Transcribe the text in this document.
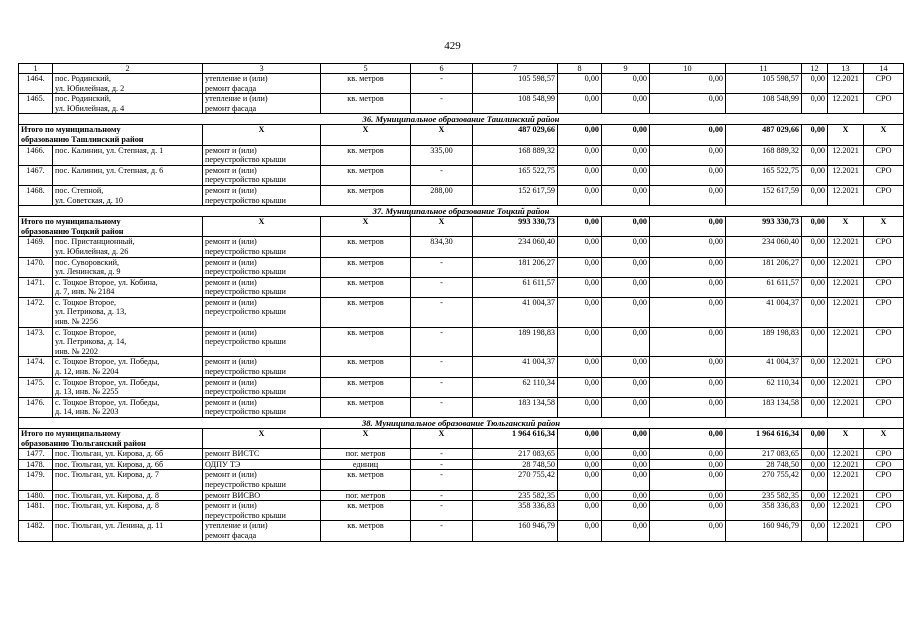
429
1	2	3	5	6	7	8	9	10	11	12	13	14
1464.	пос. Родинский,
ул. Юбилейная, д. 2	утепление и (или)
ремонт фасада	кв. метров	-	105 598,57	0,00	0,00	0,00	105 598,57	0,00	12.2021	СРО
1465.	пос. Родинский,
ул. Юбилейная, д. 4	утепление и (или)
ремонт фасада	кв. метров	-	108 548,99	0,00	0,00	0,00	108 548,99	0,00	12.2021	СРО
36. Муниципальное образование Ташлинский район												
Итого по муниципальному
образованию Ташлинский район		X	X	X	487 029,66	0,00	0,00	0,00	487 029,66	0,00	X	X
1466.	пос. Калинин, ул. Степная, д. 1	ремонт и (или)
переустройство крыши	кв. метров	335,00	168 889,32	0,00	0,00	0,00	168 889,32	0,00	12.2021	СРО
1467.	пос. Калинин, ул. Степная, д. 6	ремонт и (или)
переустройство крыши	кв. метров	-	165 522,75	0,00	0,00	0,00	165 522,75	0,00	12.2021	СРО
1468.	пос. Степной,
ул. Советская, д. 10	ремонт и (или)
переустройство крыши	кв. метров	288,00	152 617,59	0,00	0,00	0,00	152 617,59	0,00	12.2021	СРО
37. Муниципальное образование Тоцкий район												
Итого по муниципальному
образованию Тоцкий район		X	X	X	993 330,73	0,00	0,00	0,00	993 330,73	0,00	X	X
1469.	пос. Пристанционный,
ул. Юбилейная, д. 26	ремонт и (или)
переустройство крыши	кв. метров	834,30	234 060,40	0,00	0,00	0,00	234 060,40	0,00	12.2021	СРО
1470.	пос. Суворовский,
ул. Ленинская, д. 9	ремонт и (или)
переустройство крыши	кв. метров	-	181 206,27	0,00	0,00	0,00	181 206,27	0,00	12.2021	СРО
1471.	с. Тоцкое Второе, ул. Кобина,
д. 7, инв. № 2184	ремонт и (или)
переустройство крыши	кв. метров	-	61 611,57	0,00	0,00	0,00	61 611,57	0,00	12.2021	СРО
1472.	с. Тоцкое Второе,
ул. Петрикова, д. 13,
инв. № 2256	ремонт и (или)
переустройство крыши	кв. метров	-	41 004,37	0,00	0,00	0,00	41 004,37	0,00	12.2021	СРО
1473.	с. Тоцкое Второе,
ул. Петрикова, д. 14,
инв. № 2202	ремонт и (или)
переустройство крыши	кв. метров	-	189 198,83	0,00	0,00	0,00	189 198,83	0,00	12.2021	СРО
1474.	с. Тоцкое Второе, ул. Победы,
д. 12, инв. № 2204	ремонт и (или)
переустройство крыши	кв. метров	-	41 004,37	0,00	0,00	0,00	41 004,37	0,00	12.2021	СРО
1475.	с. Тоцкое Второе, ул. Победы,
д. 13, инв. № 2255	ремонт и (или)
переустройство крыши	кв. метров	-	62 110,34	0,00	0,00	0,00	62 110,34	0,00	12.2021	СРО
1476.	с. Тоцкое Второе, ул. Победы,
д. 14, инв. № 2203	ремонт и (или)
переустройство крыши	кв. метров	-	183 134,58	0,00	0,00	0,00	183 134,58	0,00	12.2021	СРО
38. Муниципальное образование Тюльганский район												
Итого по муниципальному
образованию Тюльганский район		X	X	X	1 964 616,34	0,00	0,00	0,00	1 964 616,34	0,00	X	X
1477.	пос. Тюльган, ул. Кирова, д. 6б	ремонт ВИСТС	пог. метров	-	217 083,65	0,00	0,00	0,00	217 083,65	0,00	12.2021	СРО
1478.	пос. Тюльган, ул. Кирова, д. 6б	ОДПУ ТЭ	единиц	-	28 748,50	0,00	0,00	0,00	28 748,50	0,00	12.2021	СРО
1479.	пос. Тюльган, ул. Кирова, д. 7	ремонт и (или)
переустройство крыши	кв. метров	-	270 755,42	0,00	0,00	0,00	270 755,42	0,00	12.2021	СРО
1480.	пос. Тюльган, ул. Кирова, д. 8	ремонт ВИСВО	пог. метров	-	235 582,35	0,00	0,00	0,00	235 582,35	0,00	12.2021	СРО
1481.	пос. Тюльган, ул. Кирова, д. 8	ремонт и (или)
переустройство крыши	кв. метров	-	358 336,83	0,00	0,00	0,00	358 336,83	0,00	12.2021	СРО
1482.	пос. Тюльган, ул. Ленина, д. 11	утепление и (или)
ремонт фасада	кв. метров	-	160 946,79	0,00	0,00	0,00	160 946,79	0,00	12.2021	СРО
